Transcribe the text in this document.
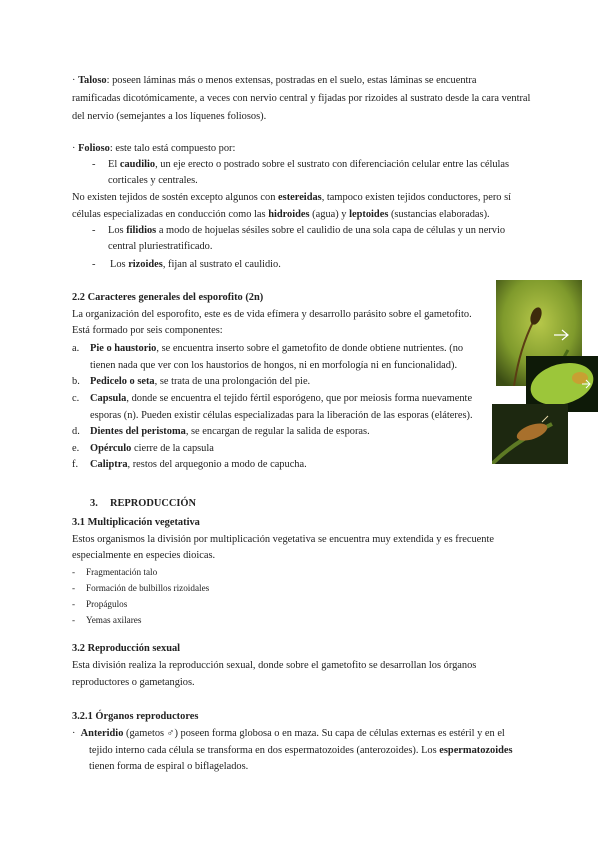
· Taloso: poseen láminas más o menos extensas, postradas en el suelo, estas láminas se encuentra
ramificadas dicotómicamente, a veces con nervio central y fijadas por rizoides al sustrato desde la cara ventral
del nervio (semejantes a los líquenes foliosos).
· Folioso: este talo está compuesto por:
- El caudilio, un eje erecto o postrado sobre el sustrato con diferenciación celular entre las células
corticales y centrales.
No existen tejidos de sostén excepto algunos con estereidas, tampoco existen tejidos conductores, pero sí
células especializadas en conducción como las hidroides (agua) y leptoides (sustancias elaboradas).
- Los filidios a modo de hojuelas sésiles sobre el caulidio de una sola capa de células y un nervio
central pluriestratificado.
- Los rizoides, fijan al sustrato el caulidio.
2.2 Caracteres generales del esporofito (2n)
La organización del esporofito, este es de vida efímera y desarrollo parásito sobre el gametofito.
Está formado por seis componentes:
a. Pie o haustorio, se encuentra inserto sobre el gametofito de donde obtiene nutrientes. (no
tienen nada que ver con los haustorios de hongos, ni en morfología ni en funcionalidad).
b. Pedicelo o seta, se trata de una prolongación del pie.
c. Capsula, donde se encuentra el tejido fértil esporógeno, que por meiosis forma nuevamente
esporas (n). Pueden existir células especializadas para la liberación de las esporas (eláteres).
d. Dientes del peristoma, se encargan de regular la salida de esporas.
e. Opérculo cierre de la capsula
f. Caliptra, restos del arquegonio a modo de capucha.
3. REPRODUCCIÓN
3.1 Multiplicación vegetativa
Estos organismos la división por multiplicación vegetativa se encuentra muy extendida y es frecuente
especialmente en especies dioicas.
- Fragmentación talo
- Formación de bulbillos rizoidales
- Propágulos
- Yemas axilares
3.2 Reproducción sexual
Esta división realiza la reproducción sexual, donde sobre el gametofito se desarrollan los órganos
reproductores o gametangios.
3.2.1 Órganos reproductores
· Anteridio (gametos ♂) poseen forma globosa o en maza. Su capa de células externas es estéril y en el
tejido interno cada célula se transforma en dos espermatozoides (anterozoides). Los espermatozoides
tienen forma de espiral o biflagelados.
